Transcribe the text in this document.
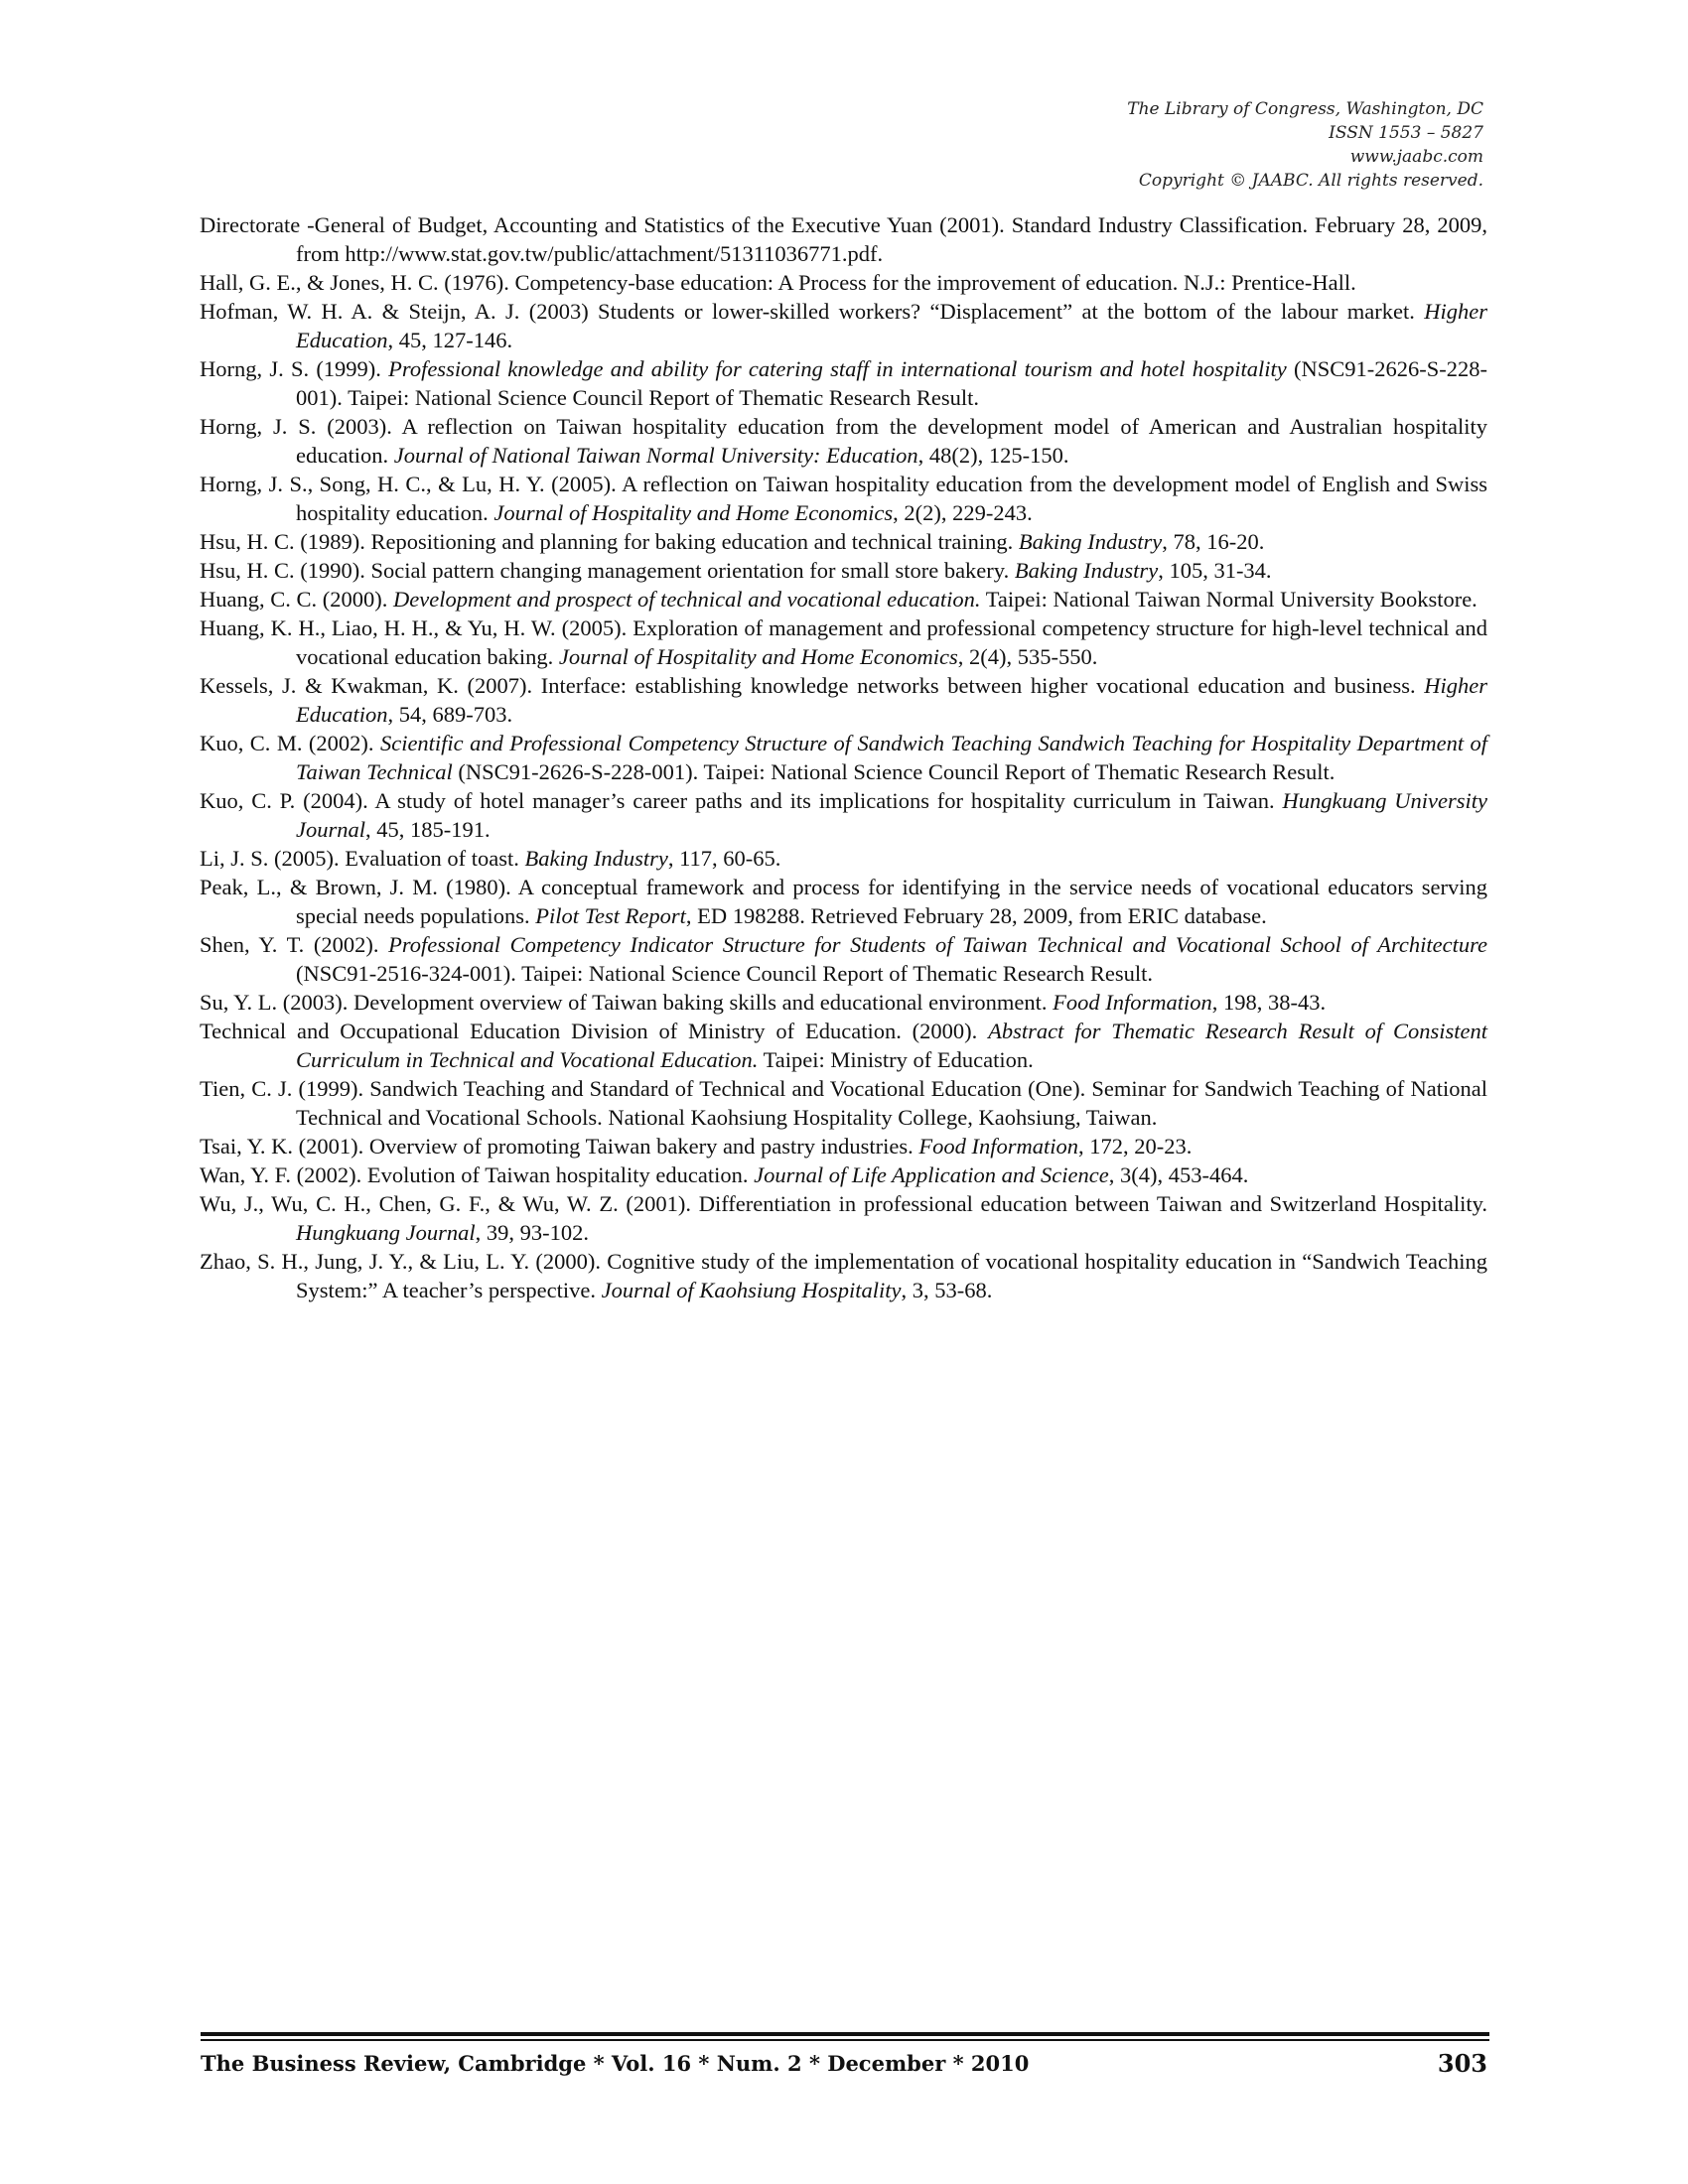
The Library of Congress, Washington, DC
ISSN 1553 – 5827
www.jaabc.com
Copyright © JAABC. All rights reserved.
Directorate -General of Budget, Accounting and Statistics of the Executive Yuan (2001). Standard Industry Classification. February 28, 2009, from http://www.stat.gov.tw/public/attachment/51311036771.pdf.
Hall, G. E., & Jones, H. C. (1976). Competency-base education: A Process for the improvement of education. N.J.: Prentice-Hall.
Hofman, W. H. A. & Steijn, A. J. (2003) Students or lower-skilled workers? “Displacement” at the bottom of the labour market. Higher Education, 45, 127-146.
Horng, J. S. (1999). Professional knowledge and ability for catering staff in international tourism and hotel hospitality (NSC91-2626-S-228-001). Taipei: National Science Council Report of Thematic Research Result.
Horng, J. S. (2003). A reflection on Taiwan hospitality education from the development model of American and Australian hospitality education. Journal of National Taiwan Normal University: Education, 48(2), 125-150.
Horng, J. S., Song, H. C., & Lu, H. Y. (2005). A reflection on Taiwan hospitality education from the development model of English and Swiss hospitality education. Journal of Hospitality and Home Economics, 2(2), 229-243.
Hsu, H. C. (1989). Repositioning and planning for baking education and technical training. Baking Industry, 78, 16-20.
Hsu, H. C. (1990). Social pattern changing management orientation for small store bakery. Baking Industry, 105, 31-34.
Huang, C. C. (2000). Development and prospect of technical and vocational education. Taipei: National Taiwan Normal University Bookstore.
Huang, K. H., Liao, H. H., & Yu, H. W. (2005). Exploration of management and professional competency structure for high-level technical and vocational education baking. Journal of Hospitality and Home Economics, 2(4), 535-550.
Kessels, J. & Kwakman, K. (2007). Interface: establishing knowledge networks between higher vocational education and business. Higher Education, 54, 689-703.
Kuo, C. M. (2002). Scientific and Professional Competency Structure of Sandwich Teaching Sandwich Teaching for Hospitality Department of Taiwan Technical (NSC91-2626-S-228-001). Taipei: National Science Council Report of Thematic Research Result.
Kuo, C. P. (2004). A study of hotel manager’s career paths and its implications for hospitality curriculum in Taiwan. Hungkuang University Journal, 45, 185-191.
Li, J. S. (2005). Evaluation of toast. Baking Industry, 117, 60-65.
Peak, L., & Brown, J. M. (1980). A conceptual framework and process for identifying in the service needs of vocational educators serving special needs populations. Pilot Test Report, ED 198288. Retrieved February 28, 2009, from ERIC database.
Shen, Y. T. (2002). Professional Competency Indicator Structure for Students of Taiwan Technical and Vocational School of Architecture (NSC91-2516-324-001). Taipei: National Science Council Report of Thematic Research Result.
Su, Y. L. (2003). Development overview of Taiwan baking skills and educational environment. Food Information, 198, 38-43.
Technical and Occupational Education Division of Ministry of Education. (2000). Abstract for Thematic Research Result of Consistent Curriculum in Technical and Vocational Education. Taipei: Ministry of Education.
Tien, C. J. (1999). Sandwich Teaching and Standard of Technical and Vocational Education (One). Seminar for Sandwich Teaching of National Technical and Vocational Schools. National Kaohsiung Hospitality College, Kaohsiung, Taiwan.
Tsai, Y. K. (2001). Overview of promoting Taiwan bakery and pastry industries. Food Information, 172, 20-23.
Wan, Y. F. (2002). Evolution of Taiwan hospitality education. Journal of Life Application and Science, 3(4), 453-464.
Wu, J., Wu, C. H., Chen, G. F., & Wu, W. Z. (2001). Differentiation in professional education between Taiwan and Switzerland Hospitality. Hungkuang Journal, 39, 93-102.
Zhao, S. H., Jung, J. Y., & Liu, L. Y. (2000). Cognitive study of the implementation of vocational hospitality education in “Sandwich Teaching System:” A teacher’s perspective. Journal of Kaohsiung Hospitality, 3, 53-68.
The Business Review, Cambridge * Vol. 16 * Num. 2 * December * 2010	303
